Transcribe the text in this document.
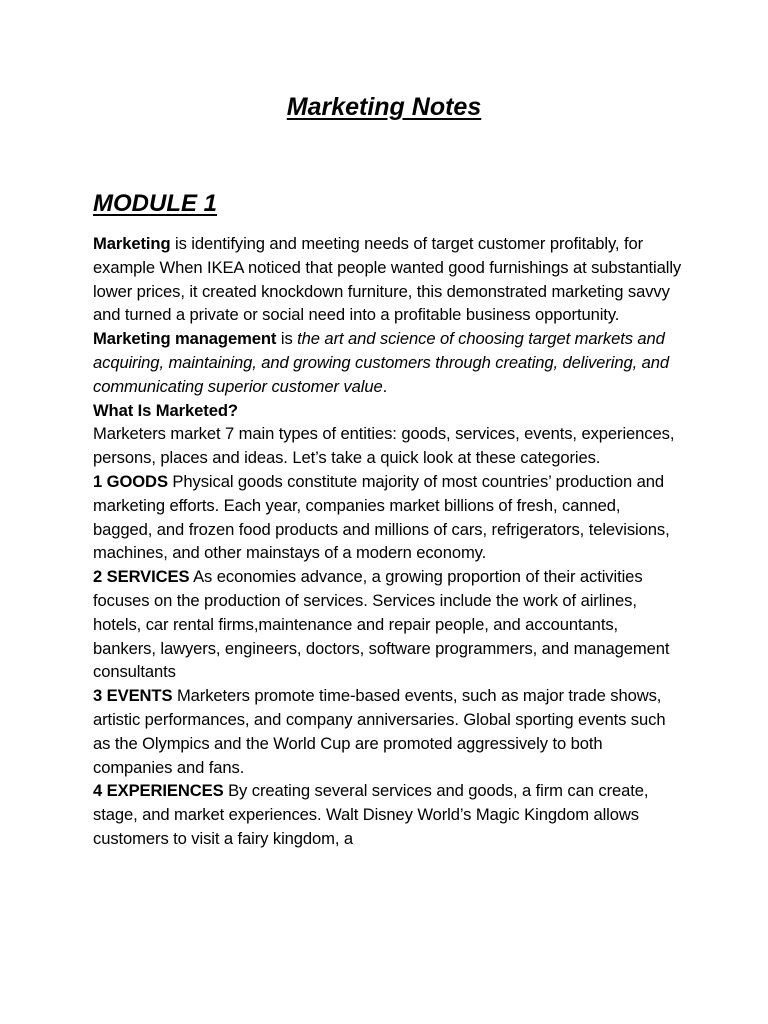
Marketing Notes
MODULE 1

Marketing is identifying and meeting needs of target customer profitably, for example When IKEA noticed that people wanted good furnishings at substantially lower prices, it created knockdown furniture, this demonstrated marketing savvy and turned a private or social need into a profitable business opportunity.

Marketing management is the art and science of choosing target markets and acquiring, maintaining, and growing customers through creating, delivering, and communicating superior customer value.

What Is Marketed?

Marketers market 7 main types of entities: goods, services, events, experiences, persons, places and ideas. Let’s take a quick look at these categories.

1 GOODS Physical goods constitute majority of most countries’ production and marketing efforts. Each year, companies market billions of fresh, canned, bagged, and frozen food products and millions of cars, refrigerators, televisions, machines, and other mainstays of a modern economy.

2 SERVICES As economies advance, a growing proportion of their activities focuses on the production of services. Services include the work of airlines, hotels, car rental firms,maintenance and repair people, and accountants, bankers, lawyers, engineers, doctors, software programmers, and management consultants

3 EVENTS Marketers promote time-based events, such as major trade shows, artistic performances, and company anniversaries. Global sporting events such as the Olympics and the World Cup are promoted aggressively to both companies and fans.

4 EXPERIENCES By creating several services and goods, a firm can create, stage, and market experiences. Walt Disney World’s Magic Kingdom allows customers to visit a fairy kingdom, a
